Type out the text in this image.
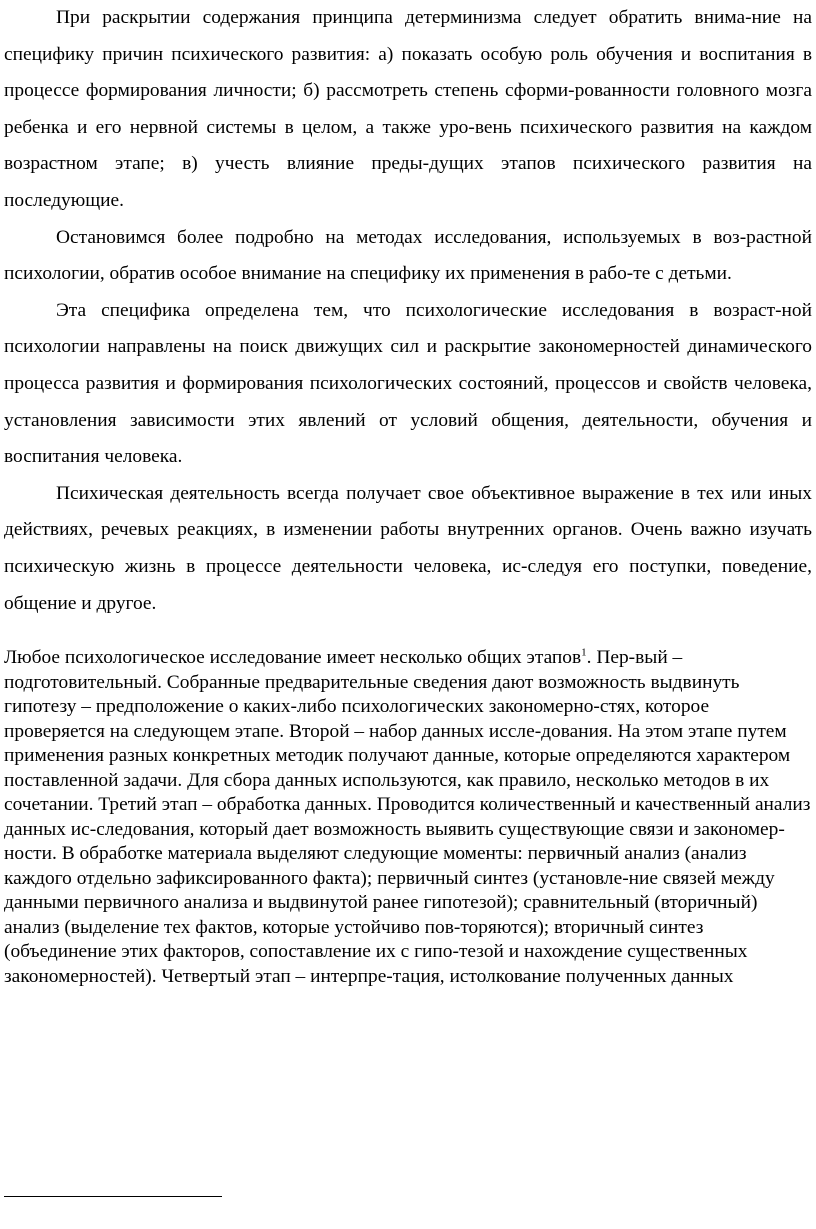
При раскрытии содержания принципа детерминизма следует обратить внима-ние на специфику причин психического развития: а) показать особую роль обучения и воспитания в процессе формирования личности; б) рассмотреть степень сформи-рованности головного мозга ребенка и его нервной системы в целом, а также уро-вень психического развития на каждом возрастном этапе; в) учесть влияние преды-дущих этапов психического развития на последующие.

Остановимся более подробно на методах исследования, используемых в воз-растной психологии, обратив особое внимание на специфику их применения в рабо-те с детьми.

Эта специфика определена тем, что психологические исследования в возраст-ной психологии направлены на поиск движущих сил и раскрытие закономерностей динамического процесса развития и формирования психологических состояний, процессов и свойств человека, установления зависимости этих явлений от условий общения, деятельности, обучения и воспитания человека.

Психическая деятельность всегда получает свое объективное выражение в тех или иных действиях, речевых реакциях, в изменении работы внутренних органов. Очень важно изучать психическую жизнь в процессе деятельности человека, ис-следуя его поступки, поведение, общение и другое.

Любое психологическое исследование имеет несколько общих этапов$^1$. Пер-вый – подготовительный. Собранные предварительные сведения дают возможность выдвинуть гипотезу – предположение о каких-либо психологических закономерно-стях, которое проверяется на следующем этапе. Второй – набор данных иссле-дования. На этом этапе путем применения разных конкретных методик получают данные, которые определяются характером поставленной задачи. Для сбора данных используются, как правило, несколько методов в их сочетании. Третий этап – обработка данных. Проводится количественный и качественный анализ данных ис-следования, который дает возможность выявить существующие связи и закономер-ности. В обработке материала выделяют следующие моменты: первичный анализ (анализ каждого отдельно зафиксированного факта); первичный синтез (установле-ние связей между данными первичного анализа и выдвинутой ранее гипотезой); сравнительный (вторичный) анализ (выделение тех фактов, которые устойчиво пов-торяются); вторичный синтез (объединение этих факторов, сопоставление их с гипо-тезой и нахождение существенных закономерностей). Четвертый этап – интерпре-тация, истолкование полученных данных
